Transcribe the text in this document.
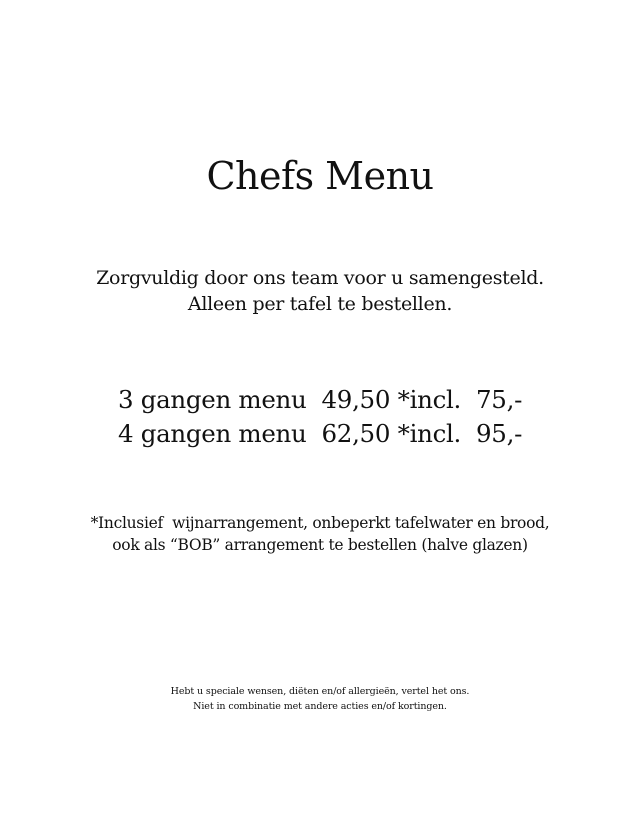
Chefs Menu
Zorgvuldig door ons team voor u samengesteld.
Alleen per tafel te bestellen.
3 gangen menu  49,50 *incl.  75,-
4 gangen menu  62,50 *incl.  95,-
*Inclusief  wijnarrangement, onbeperkt tafelwater en brood,
ook als “BOB” arrangement te bestellen (halve glazen)
Hebt u speciale wensen, diëten en/of allergieën, vertel het ons.
Niet in combinatie met andere acties en/of kortingen.
